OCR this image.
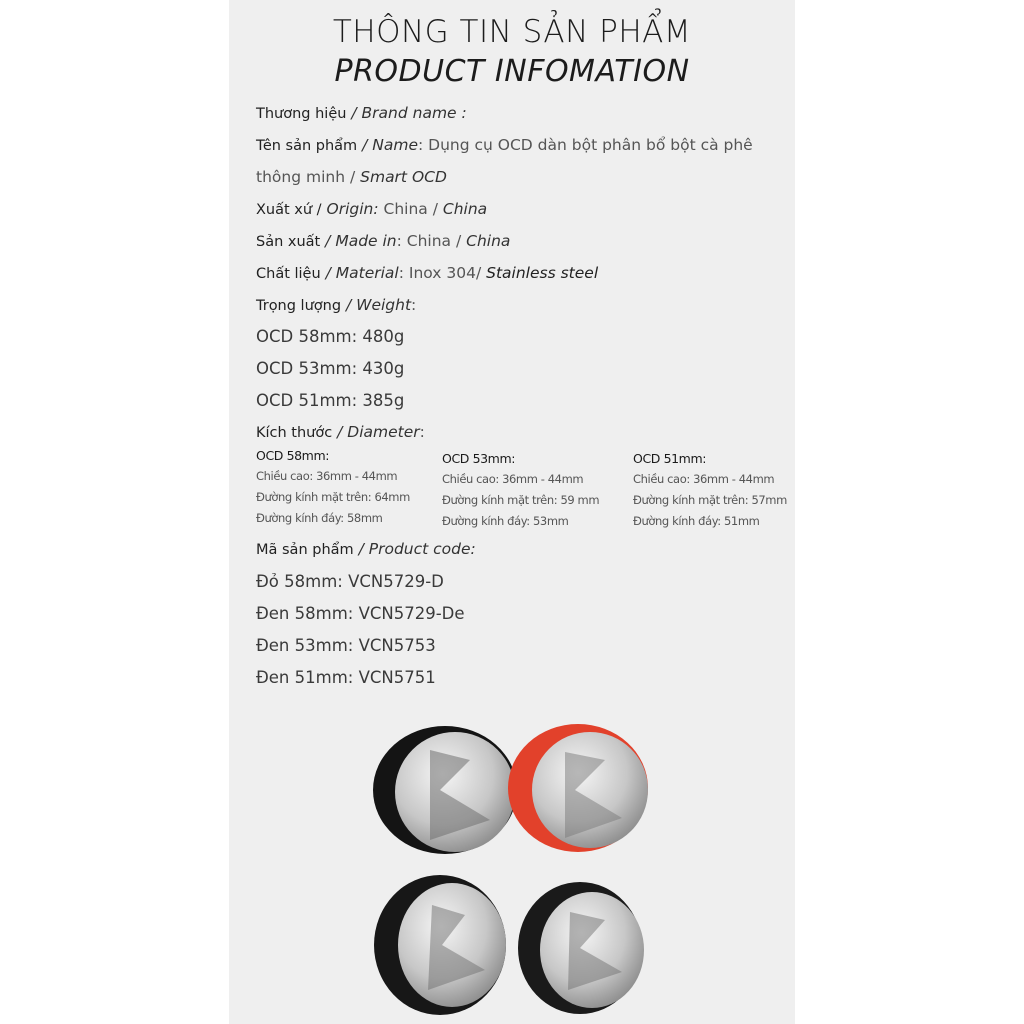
THÔNG TIN SẢN PHẨM
PRODUCT INFOMATION
Thương hiệu / Brand name :
Tên sản phẩm / Name: Dụng cụ OCD dàn bột phân bổ bột cà phê
thông minh / Smart OCD
Xuất xứ / Origin: China / China
Sản xuất / Made in: China / China
Chất liệu / Material: Inox 304/ Stainless steel
Trọng lượng / Weight:
OCD 58mm: 480g
OCD 53mm: 430g
OCD 51mm: 385g
Kích thước / Diameter:
OCD 58mm:
Chiều cao: 36mm - 44mm
Đường kính mặt trên: 64mm
Đường kính đáy: 58mm
OCD 53mm:
Chiều cao: 36mm - 44mm
Đường kính mặt trên: 59 mm
Đường kính đáy: 53mm
OCD 51mm:
Chiều cao: 36mm - 44mm
Đường kính mặt trên: 57mm
Đường kính đáy: 51mm
Mã sản phẩm / Product code:
Đỏ 58mm: VCN5729-D
Đen 58mm: VCN5729-De
Đen 53mm: VCN5753
Đen 51mm: VCN5751
